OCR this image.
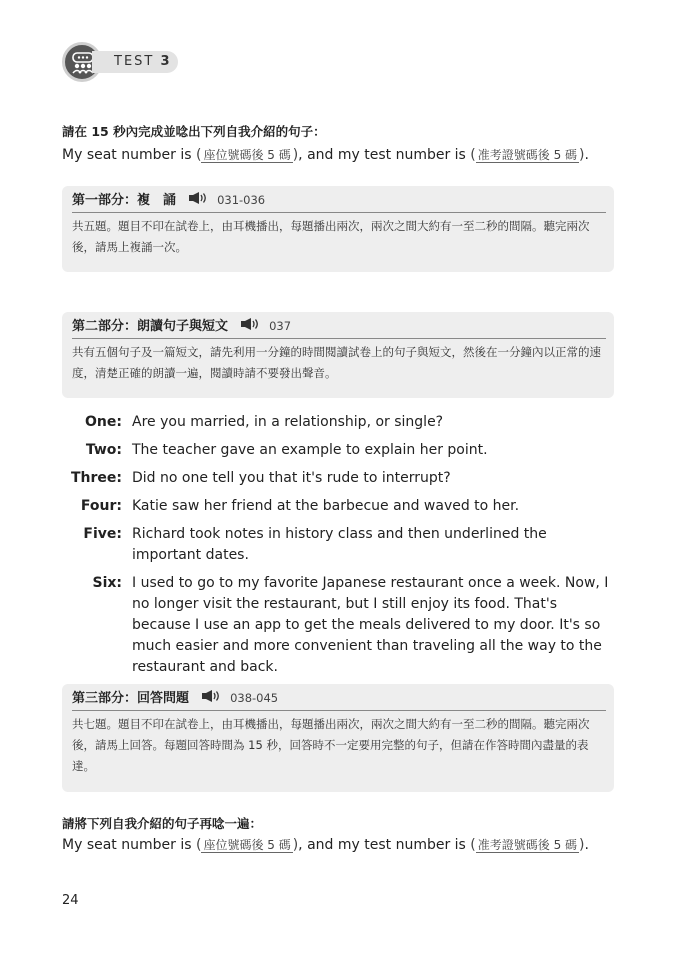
TEST 3
請在 15 秒內完成並唸出下列自我介紹的句子：
My seat number is ( 座位號碼後 5 碼 ), and my test number is ( 准考證號碼後 5 碼 ).
第一部分：複　誦	031-036
共五題。題目不印在試卷上，由耳機播出，每題播出兩次，兩次之間大約有一至二秒的間隔。聽完兩次後，請馬上複誦一次。
第二部分：朗讀句子與短文	037
共有五個句子及一篇短文，請先利用一分鐘的時間閱讀試卷上的句子與短文，然後在一分鐘內以正常的速度，清楚正確的朗讀一遍，閱讀時請不要發出聲音。
One: Are you married, in a relationship, or single?
Two: The teacher gave an example to explain her point.
Three: Did no one tell you that it's rude to interrupt?
Four: Katie saw her friend at the barbecue and waved to her.
Five: Richard took notes in history class and then underlined the important dates.
Six: I used to go to my favorite Japanese restaurant once a week. Now, I no longer visit the restaurant, but I still enjoy its food. That's because I use an app to get the meals delivered to my door. It's so much easier and more convenient than traveling all the way to the restaurant and back.
第三部分：回答問題	038-045
共七題。題目不印在試卷上，由耳機播出，每題播出兩次，兩次之間大約有一至二秒的間隔。聽完兩次後，請馬上回答。每題回答時間為 15 秒，回答時不一定要用完整的句子，但請在作答時間內盡量的表達。
請將下列自我介紹的句子再唸一遍：
My seat number is ( 座位號碼後 5 碼 ), and my test number is ( 准考證號碼後 5 碼 ).
24
